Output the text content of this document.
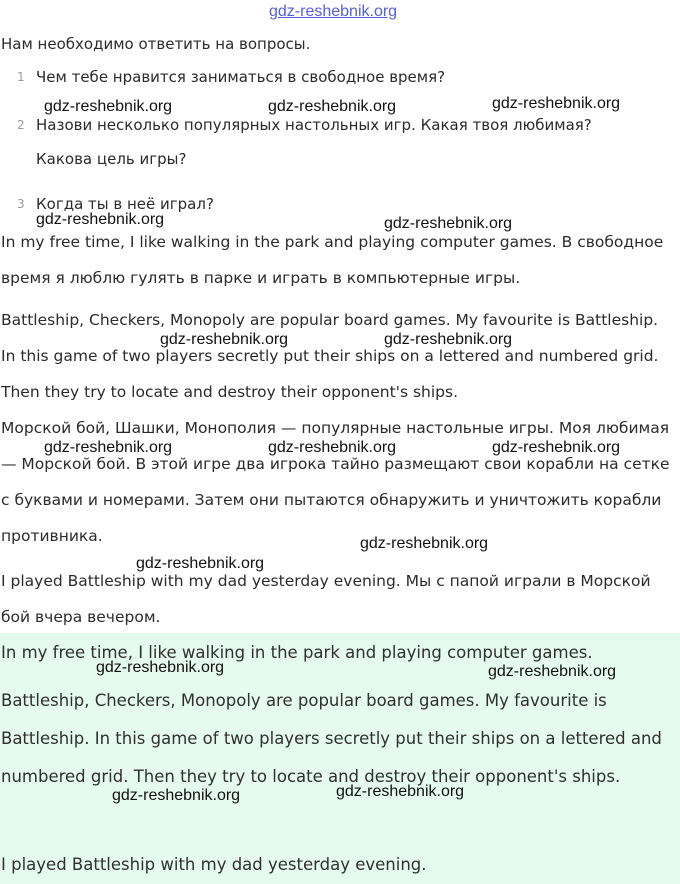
gdz-reshebnik.org
Нам необходимо ответить на вопросы.
1 Чем тебе нравится заниматься в свободное время?
2 Назови несколько популярных настольных игр. Какая твоя любимая?
Какова цель игры?
3 Когда ты в неё играл?
In my free time, I like walking in the park and playing computer games. В свободное время я люблю гулять в парке и играть в компьютерные игры.
Battleship, Checkers, Monopoly are popular board games. My favourite is Battleship. In this game of two players secretly put their ships on a lettered and numbered grid. Then they try to locate and destroy their opponent's ships.
Морской бой, Шашки, Монополия — популярные настольные игры. Моя любимая — Морской бой. В этой игре два игрока тайно размещают свои корабли на сетке с буквами и номерами. Затем они пытаются обнаружить и уничтожить корабли противника.
I played Battleship with my dad yesterday evening. Мы с папой играли в Морской бой вчера вечером.
In my free time, I like walking in the park and playing computer games.
Battleship, Checkers, Monopoly are popular board games. My favourite is Battleship. In this game of two players secretly put their ships on a lettered and numbered grid. Then they try to locate and destroy their opponent's ships.
I played Battleship with my dad yesterday evening.
gdz-reshebnik.org	gdz-reshebnik.org	gdz-reshebnik.org
gdz-reshebnik.org	gdz-reshebnik.org
gdz-reshebnik.org	gdz-reshebnik.org
gdz-reshebnik.org	gdz-reshebnik.org	gdz-reshebnik.org
gdz-reshebnik.org
gdz-reshebnik.org
gdz-reshebnik.org	gdz-reshebnik.org
gdz-reshebnik.org	gdz-reshebnik.org
